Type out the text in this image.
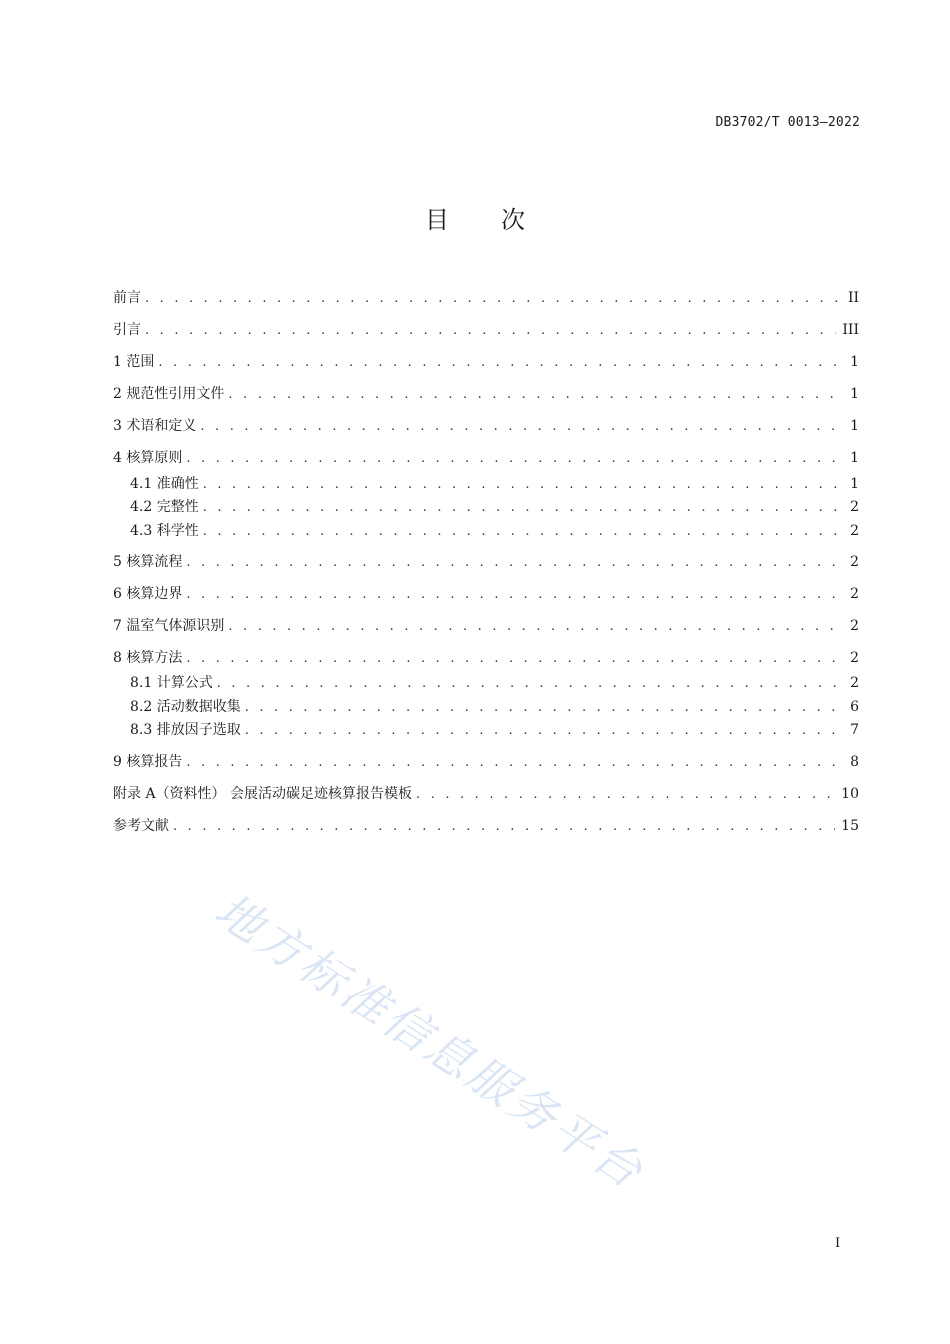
DB3702/T 0013—2022
目 次
前言 . . .	II
引言 . . .	III
1 范围 . . .	1
2 规范性引用文件 . . .	1
3 术语和定义 . . .	1
4 核算原则 . . .	1
4.1 准确性 . . .	1
4.2 完整性 . . .	2
4.3 科学性 . . .	2
5 核算流程 . . .	2
6 核算边界 . . .	2
7 温室气体源识别 . . .	2
8 核算方法 . . .	2
8.1 计算公式 . . .	2
8.2 活动数据收集 . . .	6
8.3 排放因子选取 . . .	7
9 核算报告 . . .	8
附录 A（资料性） 会展活动碳足迹核算报告模板 . . .	10
参考文献 . . .	15
地方标准信息服务平台
I
